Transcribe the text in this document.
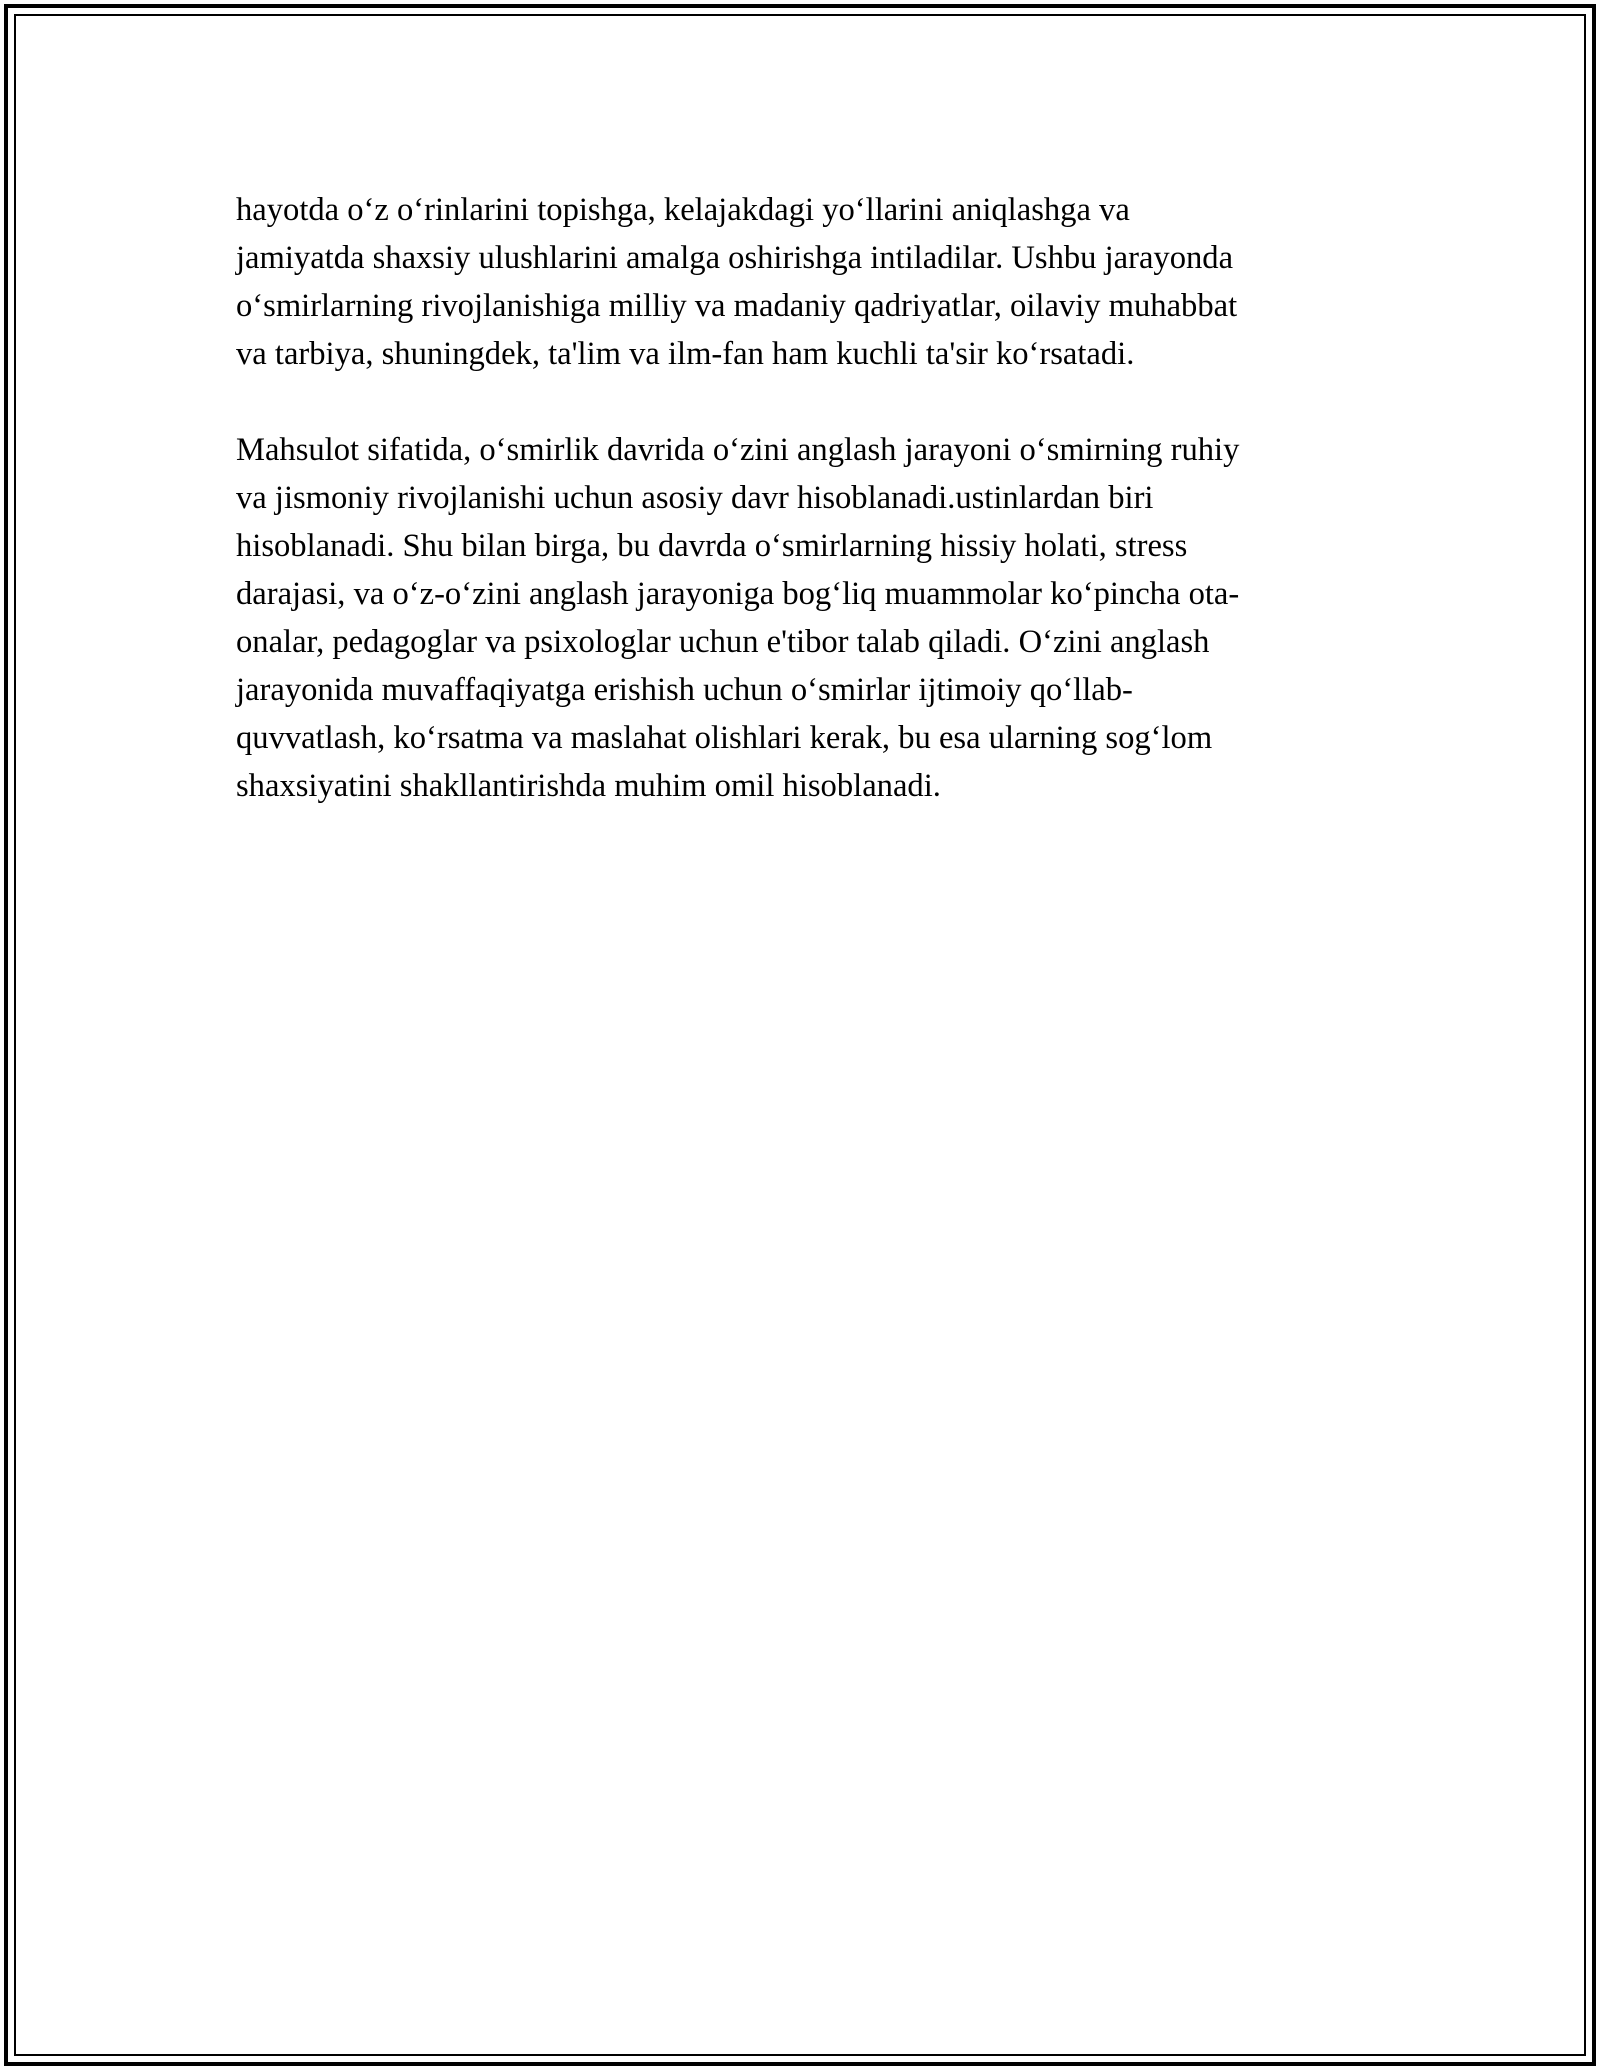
hayotda o‘z o‘rinlarini topishga, kelajakdagi yo‘llarini aniqlashga va
jamiyatda shaxsiy ulushlarini amalga oshirishga intiladilar. Ushbu jarayonda
o‘smirlarning rivojlanishiga milliy va madaniy qadriyatlar, oilaviy muhabbat
va tarbiya, shuningdek, ta'lim va ilm-fan ham kuchli ta'sir ko‘rsatadi.

Mahsulot sifatida, o‘smirlik davrida o‘zini anglash jarayoni o‘smirning ruhiy
va jismoniy rivojlanishi uchun asosiy davr hisoblanadi.ustinlardan biri
hisoblanadi. Shu bilan birga, bu davrda o‘smirlarning hissiy holati, stress
darajasi, va o‘z-o‘zini anglash jarayoniga bog‘liq muammolar ko‘pincha ota-
onalar, pedagoglar va psixologlar uchun e'tibor talab qiladi. O‘zini anglash
jarayonida muvaffaqiyatga erishish uchun o‘smirlar ijtimoiy qo‘llab-
quvvatlash, ko‘rsatma va maslahat olishlari kerak, bu esa ularning sog‘lom
shaxsiyatini shakllantirishda muhim omil hisoblanadi.
